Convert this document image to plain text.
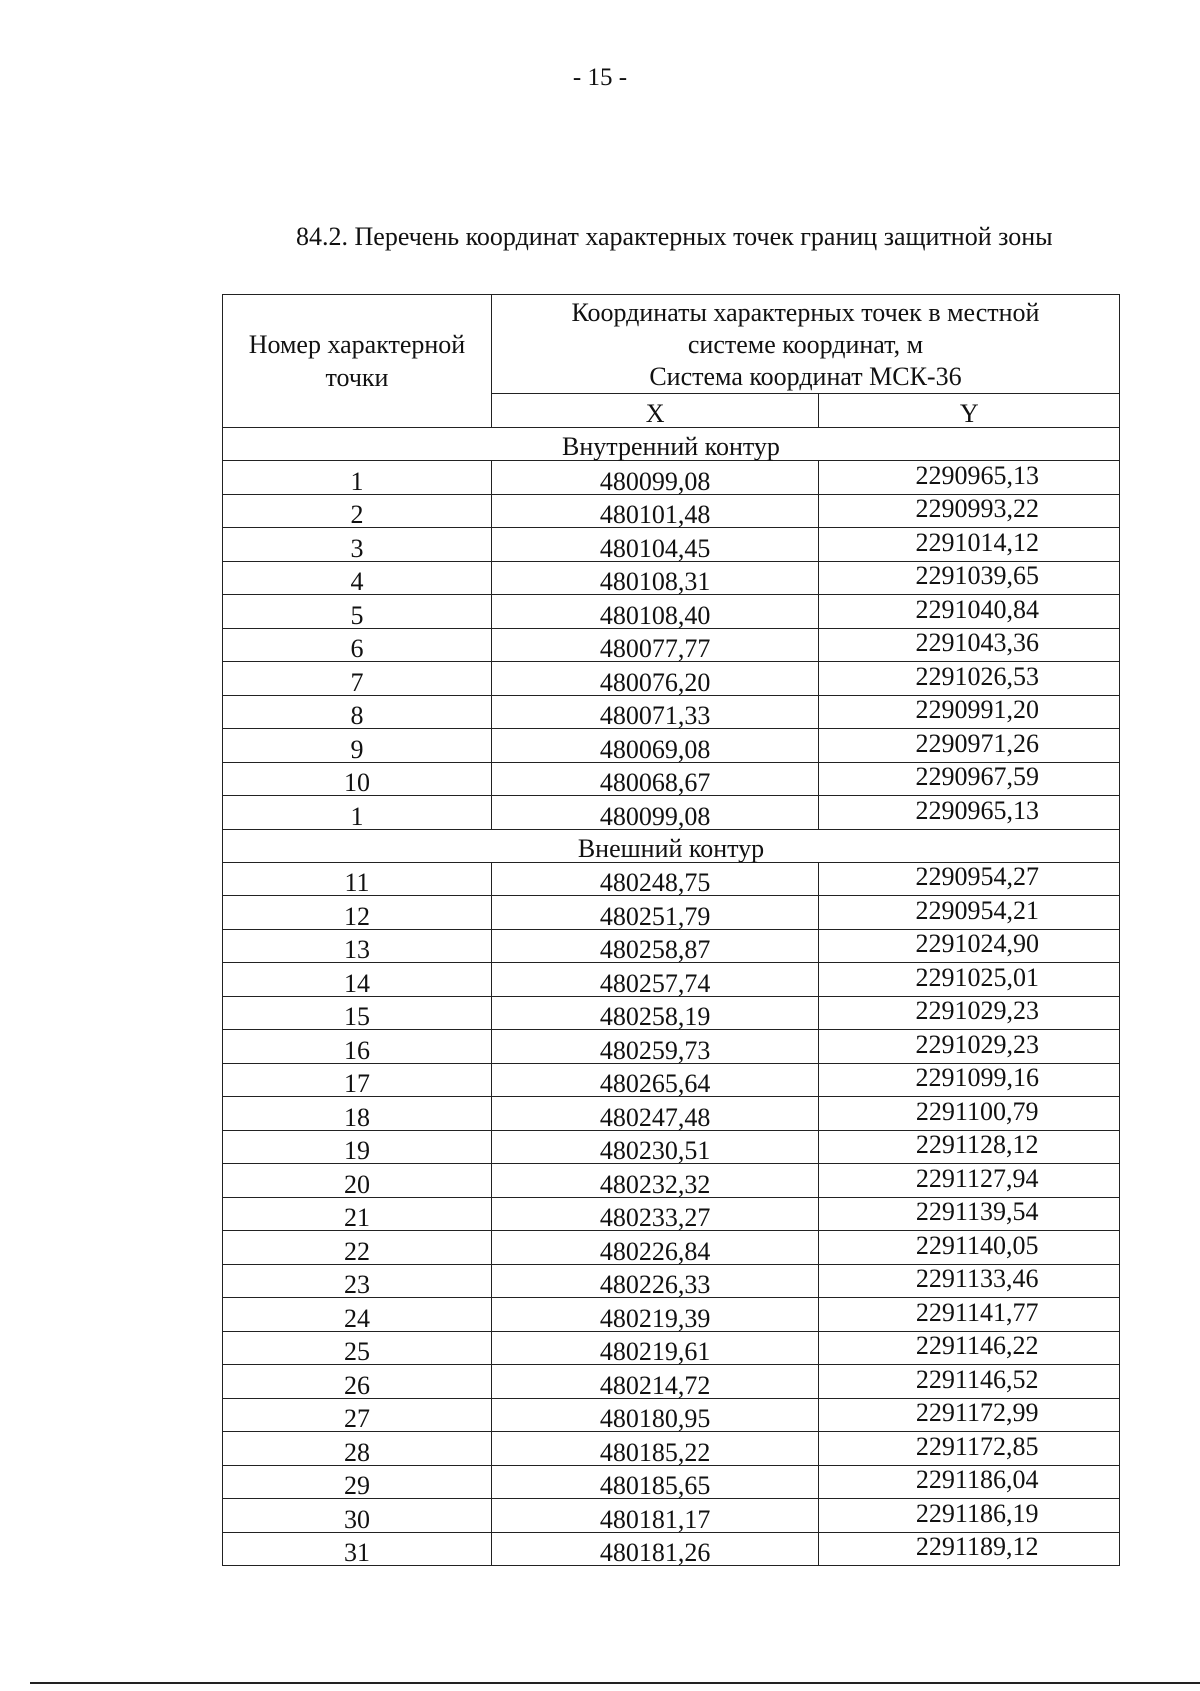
- 15 -
84.2. Перечень координат характерных точек границ защитной зоны
Номер характерной точки	Координаты характерных точек в местной
системе координат, м
Система координат МСК-36	

	X	Y
Внутренний контур		
1	480099,08	2290965,13
2	480101,48	2290993,22
3	480104,45	2291014,12
4	480108,31	2291039,65
5	480108,40	2291040,84
6	480077,77	2291043,36
7	480076,20	2291026,53
8	480071,33	2290991,20
9	480069,08	2290971,26
10	480068,67	2290967,59
1	480099,08	2290965,13
Внешний контур		
11	480248,75	2290954,27
12	480251,79	2290954,21
13	480258,87	2291024,90
14	480257,74	2291025,01
15	480258,19	2291029,23
16	480259,73	2291029,23
17	480265,64	2291099,16
18	480247,48	2291100,79
19	480230,51	2291128,12
20	480232,32	2291127,94
21	480233,27	2291139,54
22	480226,84	2291140,05
23	480226,33	2291133,46
24	480219,39	2291141,77
25	480219,61	2291146,22
26	480214,72	2291146,52
27	480180,95	2291172,99
28	480185,22	2291172,85
29	480185,65	2291186,04
30	480181,17	2291186,19
31	480181,26	2291189,12
